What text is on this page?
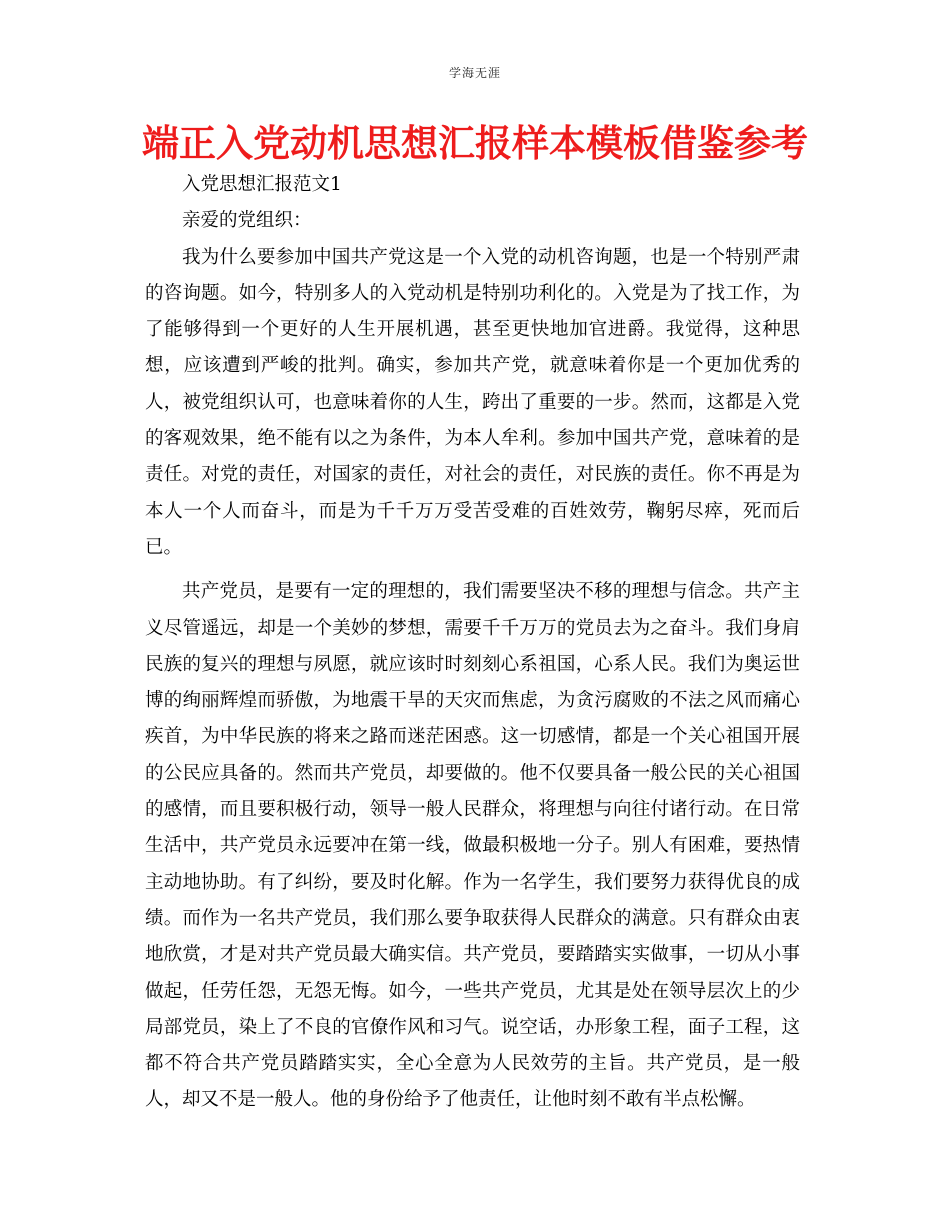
学海无涯
端正入党动机思想汇报样本模板借鉴参考

入党思想汇报范文1

亲爱的党组织：

我为什么要参加中国共产党这是一个入党的动机咨询题，也是一个特别严肃的咨询题。如今，特别多人的入党动机是特别功利化的。入党是为了找工作，为了能够得到一个更好的人生开展机遇，甚至更快地加官进爵。我觉得，这种思想，应该遭到严峻的批判。确实，参加共产党，就意味着你是一个更加优秀的人，被党组织认可，也意味着你的人生，跨出了重要的一步。然而，这都是入党的客观效果，绝不能有以之为条件，为本人牟利。参加中国共产党，意味着的是责任。对党的责任，对国家的责任，对社会的责任，对民族的责任。你不再是为本人一个人而奋斗，而是为千千万万受苦受难的百姓效劳，鞠躬尽瘁，死而后已。

共产党员，是要有一定的理想的，我们需要坚决不移的理想与信念。共产主义尽管遥远，却是一个美妙的梦想，需要千千万万的党员去为之奋斗。我们身肩民族的复兴的理想与夙愿，就应该时时刻刻心系祖国，心系人民。我们为奥运世博的绚丽辉煌而骄傲，为地震干旱的天灾而焦虑，为贪污腐败的不法之风而痛心疾首，为中华民族的将来之路而迷茫困惑。这一切感情，都是一个关心祖国开展的公民应具备的。然而共产党员，却要做的。他不仅要具备一般公民的关心祖国的感情，而且要积极行动，领导一般人民群众，将理想与向往付诸行动。在日常生活中，共产党员永远要冲在第一线，做最积极地一分子。别人有困难，要热情主动地协助。有了纠纷，要及时化解。作为一名学生，我们要努力获得优良的成绩。而作为一名共产党员，我们那么要争取获得人民群众的满意。只有群众由衷地欣赏，才是对共产党员最大确实信。共产党员，要踏踏实实做事，一切从小事做起，任劳任怨，无怨无悔。如今，一些共产党员，尤其是处在领导层次上的少局部党员，染上了不良的官僚作风和习气。说空话，办形象工程，面子工程，这都不符合共产党员踏踏实实，全心全意为人民效劳的主旨。共产党员，是一般人，却又不是一般人。他的身份给予了他责任，让他时刻不敢有半点松懈。
